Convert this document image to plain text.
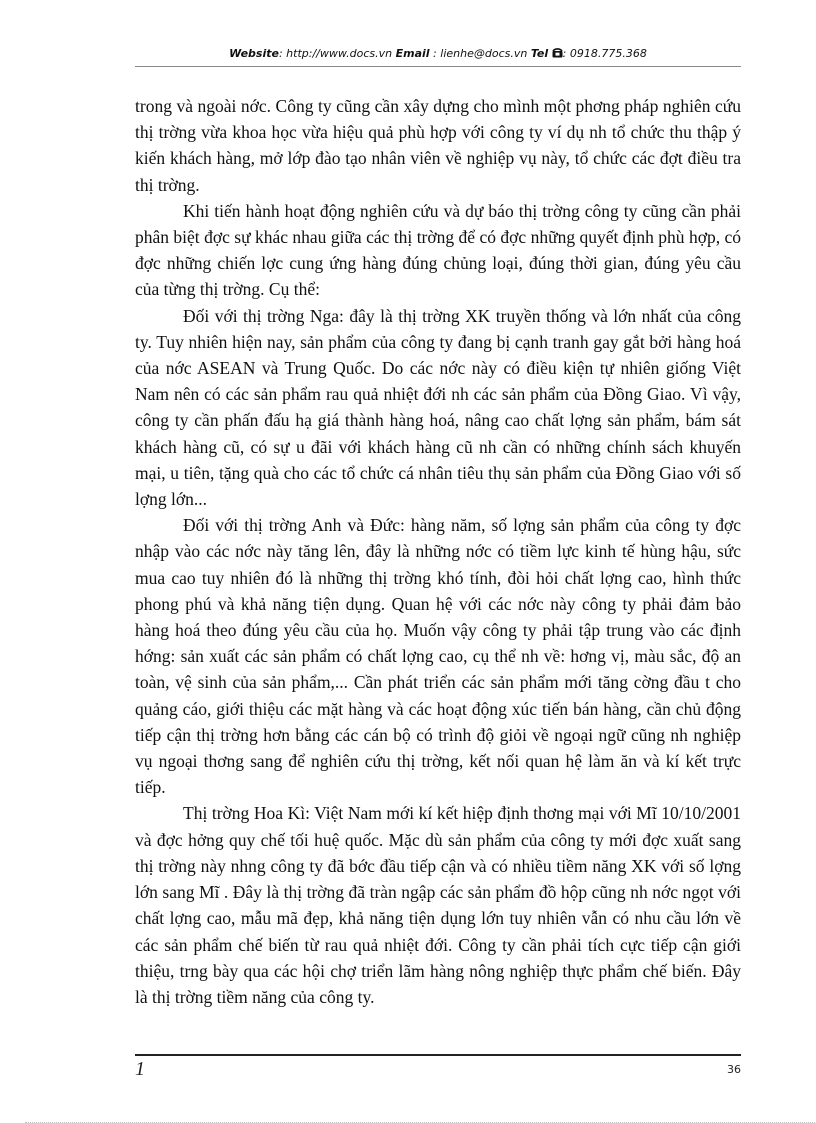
Website: http://www.docs.vn Email : lienhe@docs.vn Tel : 0918.775.368

trong và ngoài nớc. Công ty cũng cần xây dựng cho mình một phơng pháp nghiên cứu thị trờng vừa khoa học vừa hiệu quả phù hợp với công ty ví dụ nh tổ chức thu thập ý kiến khách hàng, mở lớp đào tạo nhân viên về nghiệp vụ này, tổ chức các đợt điều tra thị trờng.

Khi tiến hành hoạt động nghiên cứu và dự báo thị trờng công ty cũng cần phải phân biệt đợc sự khác nhau giữa các thị trờng để có đợc những quyết định phù hợp, có đợc những chiến lợc cung ứng hàng đúng chủng loại, đúng thời gian, đúng yêu cầu của từng thị trờng. Cụ thể:

Đối với thị trờng Nga: đây là thị trờng XK truyền thống và lớn nhất của công ty. Tuy nhiên hiện nay, sản phẩm của công ty đang bị cạnh tranh gay gắt bởi hàng hoá của nớc ASEAN và Trung Quốc. Do các nớc này có điều kiện tự nhiên giống Việt Nam nên có các sản phẩm rau quả nhiệt đới nh các sản phẩm của Đồng Giao. Vì vậy, công ty cần phấn đấu hạ giá thành hàng hoá, nâng cao chất lợng sản phẩm, bám sát khách hàng cũ, có sự u đãi với khách hàng cũ nh cần có những chính sách khuyến mại, u tiên, tặng quà cho các tổ chức cá nhân tiêu thụ sản phẩm của Đồng Giao với số lợng lớn...

Đối với thị trờng Anh và Đức: hàng năm, số lợng sản phẩm của công ty đợc nhập vào các nớc này tăng lên, đây là những nớc có tiềm lực kinh tế hùng hậu, sức mua cao tuy nhiên đó là những thị trờng khó tính, đòi hỏi chất lợng cao, hình thức phong phú và khả năng tiện dụng. Quan hệ với các nớc này công ty phải đảm bảo hàng hoá theo đúng yêu cầu của họ. Muốn vậy công ty phải tập trung vào các định hớng: sản xuất các sản phẩm có chất lợng cao, cụ thể nh về: hơng vị, màu sắc, độ an toàn, vệ sinh của sản phẩm,... Cần phát triển các sản phẩm mới tăng cờng đầu t cho quảng cáo, giới thiệu các mặt hàng và các hoạt động xúc tiến bán hàng, cần chủ động tiếp cận thị trờng hơn bằng các cán bộ có trình độ giỏi về ngoại ngữ cũng nh nghiệp vụ ngoại thơng sang để nghiên cứu thị trờng, kết nối quan hệ làm ăn và kí kết trực tiếp.

Thị trờng Hoa Kì: Việt Nam mới kí kết hiệp định thơng mại với Mĩ 10/10/2001 và đợc hởng quy chế tối huệ quốc. Mặc dù sản phẩm của công ty mới đợc xuất sang thị trờng này nhng công ty đã bớc đầu tiếp cận và có nhiều tiềm năng XK với số lợng lớn sang Mĩ . Đây là thị trờng đã tràn ngập các sản phẩm đồ hộp cũng nh nớc ngọt với chất lợng cao, mẫu mã đẹp, khả năng tiện dụng lớn tuy nhiên vẫn có nhu cầu lớn về các sản phẩm chế biến từ rau quả nhiệt đới. Công ty cần phải tích cực tiếp cận giới thiệu, trng bày qua các hội chợ triển lãm hàng nông nghiệp thực phẩm chế biến. Đây là thị trờng tiềm năng của công ty.

1	36
